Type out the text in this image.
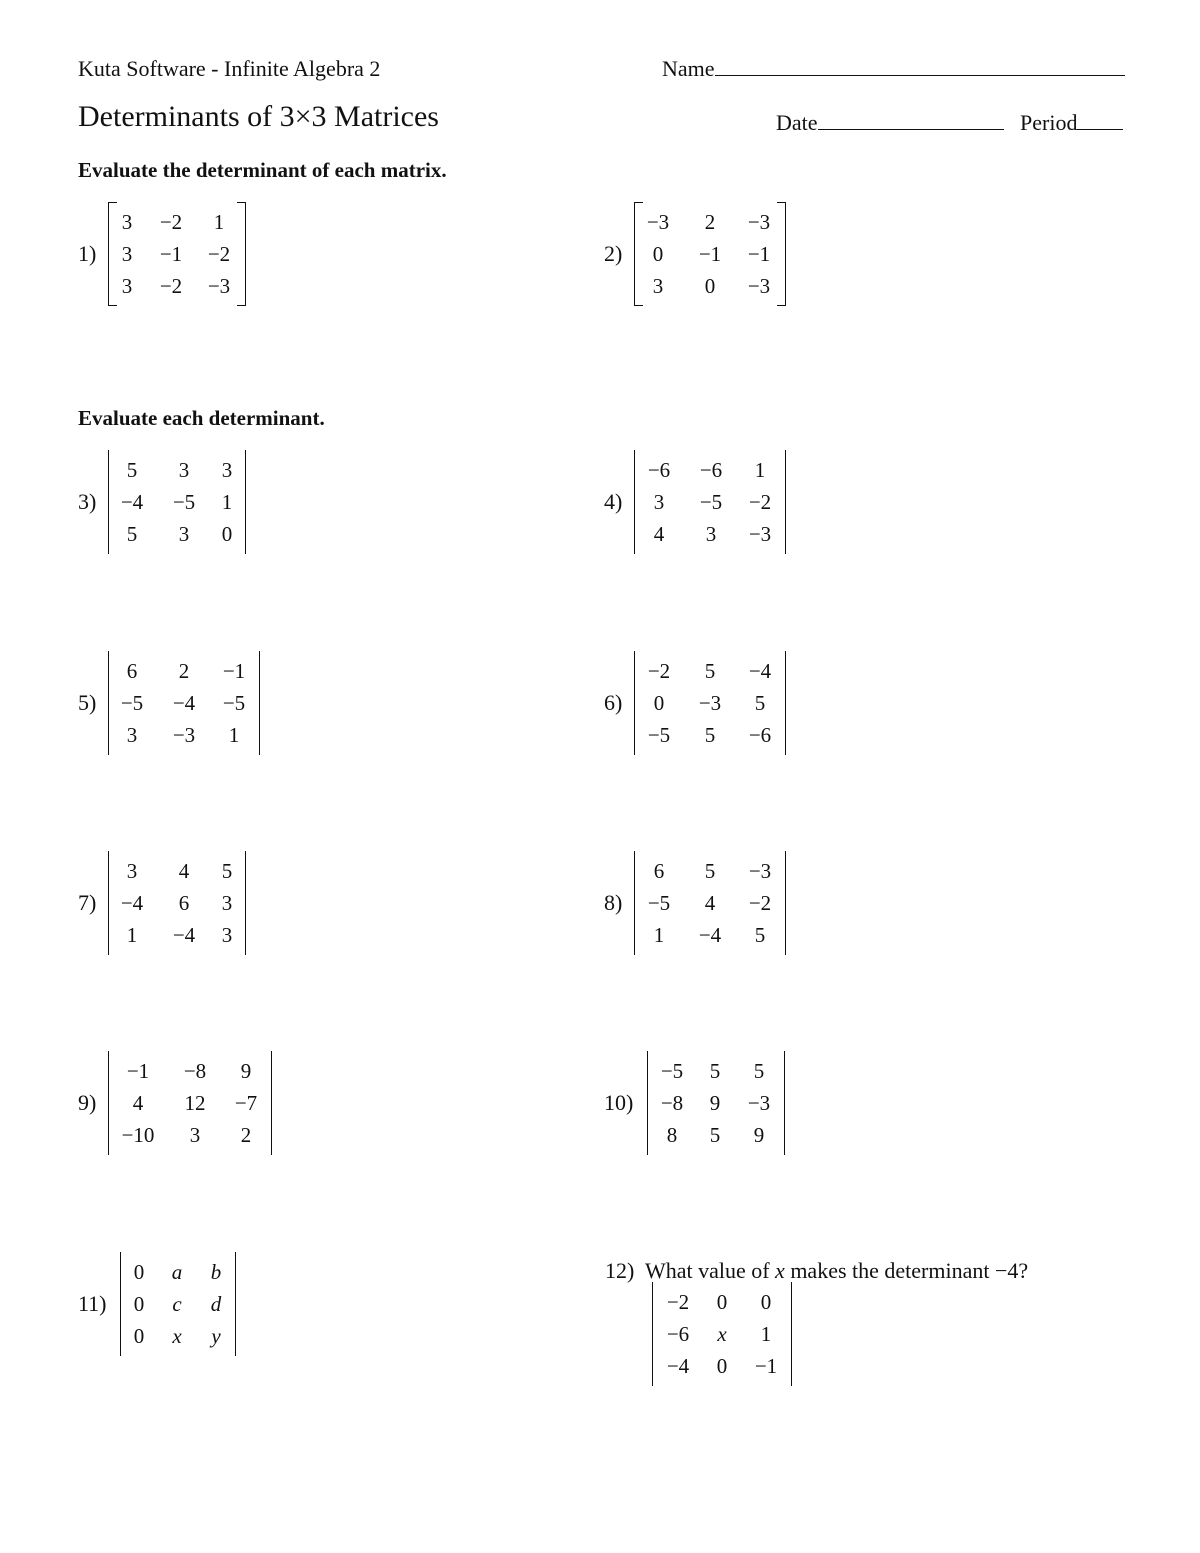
Kuta Software - Infinite Algebra 2	Name
Determinants of 3×3 Matrices	Date	Period
Evaluate the determinant of each matrix.
Evaluate each determinant.
12) What value of x makes the determinant −4?
1)
3	−2	1
3	−1	−2
3	−2	−3
2)
−3	2	−3
0	−1	−1
3	0	−3
3)
5	3	3
−4	−5	1
5	3	0
4)
−6	−6	1
3	−5	−2
4	3	−3
5)
6	2	−1
−5	−4	−5
3	−3	1
6)
−2	5	−4
0	−3	5
−5	5	−6
7)
3	4	5
−4	6	3
1	−4	3
8)
6	5	−3
−5	4	−2
1	−4	5
9)
−1	−8	9
4	12	−7
−10	3	2
10)
−5	5	5
−8	9	−3
8	5	9
11)
0	a	b
0	c	d
0	x	y
−2	0	0
−6	x	1
−4	0	−1
